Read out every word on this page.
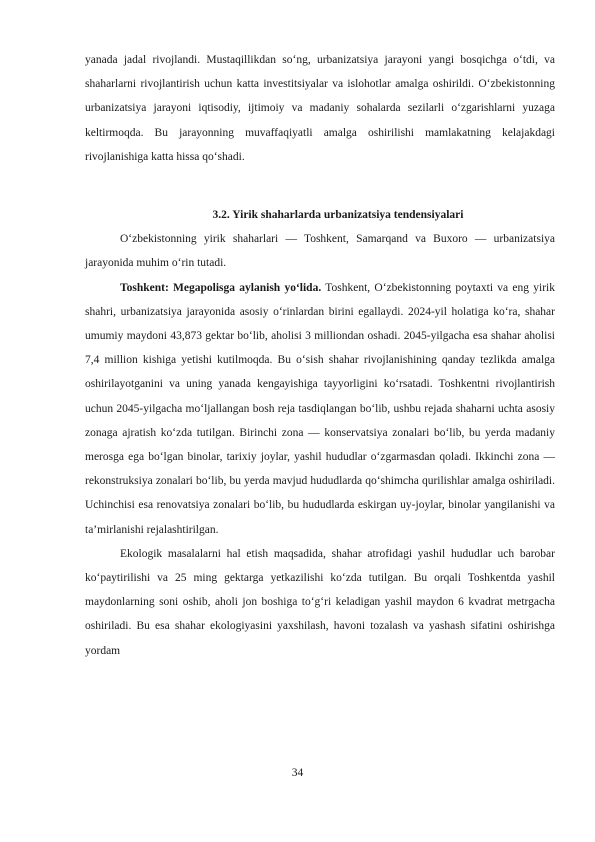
yanada jadal rivojlandi. Mustaqillikdan so‘ng, urbanizatsiya jarayoni yangi bosqichga o‘tdi, va shaharlarni rivojlantirish uchun katta investitsiyalar va islohotlar amalga oshirildi. O‘zbekistonning urbanizatsiya jarayoni iqtisodiy, ijtimoiy va madaniy sohalarda sezilarli o‘zgarishlarni yuzaga keltirmoqda. Bu jarayonning muvaffaqiyatli amalga oshirilishi mamlakatning kelajakdagi rivojlanishiga katta hissa qo‘shadi.

3.2. Yirik shaharlarda urbanizatsiya tendensiyalari

O‘zbekistonning yirik shaharlari — Toshkent, Samarqand va Buxoro — urbanizatsiya jarayonida muhim o‘rin tutadi.

Toshkent: Megapolisga aylanish yo‘lida. Toshkent, O‘zbekistonning poytaxti va eng yirik shahri, urbanizatsiya jarayonida asosiy o‘rinlardan birini egallaydi. 2024-yil holatiga ko‘ra, shahar umumiy maydoni 43,873 gektar bo‘lib, aholisi 3 milliondan oshadi. 2045-yilgacha esa shahar aholisi 7,4 million kishiga yetishi kutilmoqda. Bu o‘sish shahar rivojlanishining qanday tezlikda amalga oshirilayotganini va uning yanada kengayishiga tayyorligini ko‘rsatadi. Toshkentni rivojlantirish uchun 2045-yilgacha mo‘ljallangan bosh reja tasdiqlangan bo‘lib, ushbu rejada shaharni uchta asosiy zonaga ajratish ko‘zda tutilgan. Birinchi zona — konservatsiya zonalari bo‘lib, bu yerda madaniy merosga ega bo‘lgan binolar, tarixiy joylar, yashil hududlar o‘zgarmasdan qoladi. Ikkinchi zona — rekonstruksiya zonalari bo‘lib, bu yerda mavjud hududlarda qo‘shimcha qurilishlar amalga oshiriladi. Uchinchisi esa renovatsiya zonalari bo‘lib, bu hududlarda eskirgan uy-joylar, binolar yangilanishi va ta’mirlanishi rejalashtirilgan.

Ekologik masalalarni hal etish maqsadida, shahar atrofidagi yashil hududlar uch barobar ko‘paytirilishi va 25 ming gektarga yetkazilishi ko‘zda tutilgan. Bu orqali Toshkentda yashil maydonlarning soni oshib, aholi jon boshiga to‘g‘ri keladigan yashil maydon 6 kvadrat metrgacha oshiriladi. Bu esa shahar ekologiyasini yaxshilash, havoni tozalash va yashash sifatini oshirishga yordam

34
